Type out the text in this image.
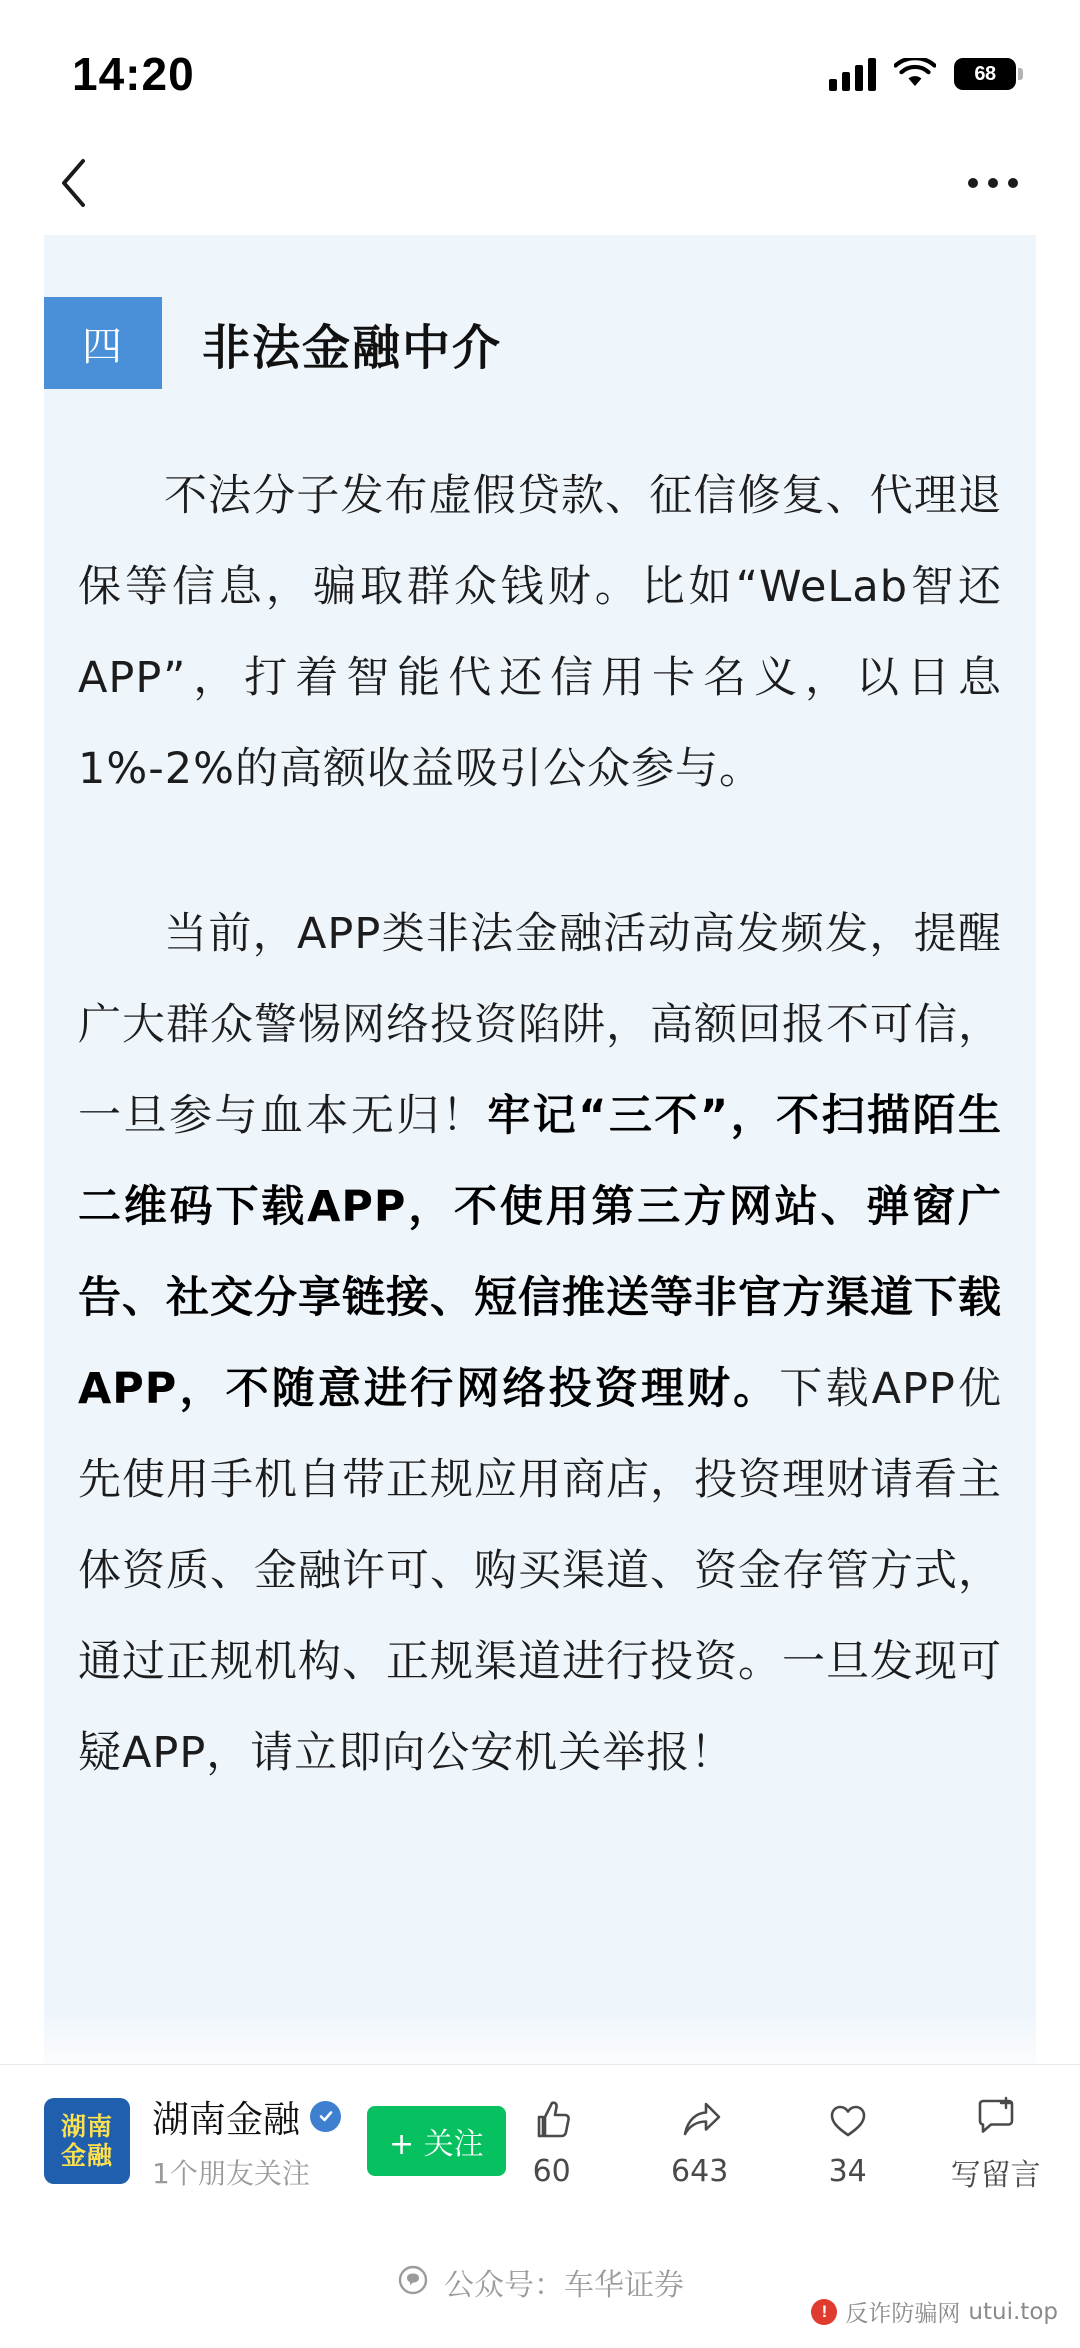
14:20	68
四	非法金融中介

不法分子发布虚假贷款、征信修复、代理退保等信息，骗取群众钱财。比如“WeLab智还APP”，打着智能代还信用卡名义，以日息1%-2%的高额收益吸引公众参与。

当前，APP类非法金融活动高发频发，提醒广大群众警惕网络投资陷阱，高额回报不可信，一旦参与血本无归！牢记“三不”，不扫描陌生二维码下载APP，不使用第三方网站、弹窗广告、社交分享链接、短信推送等非官方渠道下载APP，不随意进行网络投资理财。下载APP优先使用手机自带正规应用商店，投资理财请看主体资质、金融许可、购买渠道、资金存管方式，通过正规机构、正规渠道进行投资。一旦发现可疑APP，请立即向公安机关举报！

湖南
金融
湖南金融
1个朋友关注
+ 关注
60	643	34	写留言
公众号：车华证券
! 反诈防骗网 utui.top
